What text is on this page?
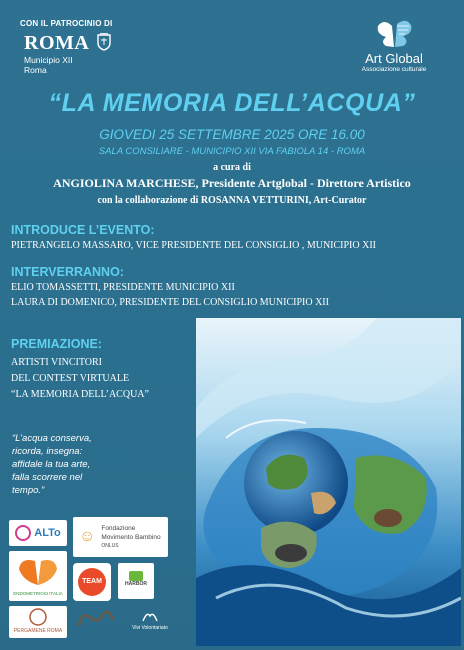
CON IL PATROCINIO DI
ROMA
Municipio XII
Roma
Art Global
Associazione culturale
“LA MEMORIA DELL’ACQUA”
GIOVEDI 25 SETTEMBRE 2025 ORE 16.00
SALA CONSILIARE - MUNICIPIO XII VIA FABIOLA 14 - ROMA
a cura di
ANGIOLINA MARCHESE, Presidente Artglobal - Direttore Artistico
con la collaborazione di ROSANNA VETTURINI, Art-Curator
INTRODUCE L’EVENTO:
PIETRANGELO MASSARO, VICE PRESIDENTE DEL CONSIGLIO , MUNICIPIO XII
INTERVERRANNO:
ELIO TOMASSETTI, PRESIDENTE MUNICIPIO XII
LAURA DI DOMENICO, PRESIDENTE DEL CONSIGLIO MUNICIPIO XII
PREMIAZIONE:
ARTISTI VINCITORI
DEL CONTEST VIRTUALE
“LA MEMORIA DELL’ACQUA”
“L’acqua conserva,
ricorda, insegna:
affidale la tua arte,
falla scorrere nel
tempo.”
ALTo ☺ Fondazione
Movimento Bambino
ONLUS
ENDOMETRIOSI ITALIA
TEAM	HARBOR
PERGAMENE ROMA	Vivi Volontariato
